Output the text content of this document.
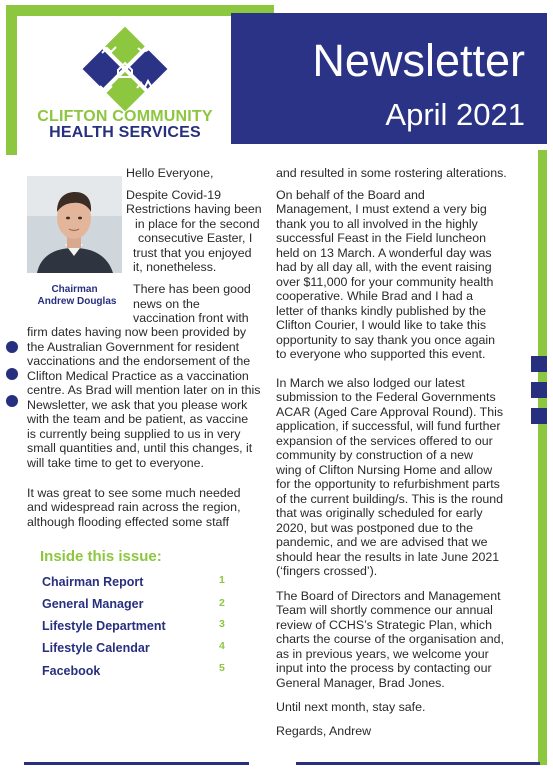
Newsletter
April 2021
CLIFTON COMMUNITY
HEALTH SERVICES
Chairman
Andrew Douglas
Hello Everyone,
Despite Covid-19
Restrictions having been
in place for the second
consecutive Easter, I
trust that you enjoyed
it, nonetheless.
There has been good
news on the
vaccination front with
firm dates having now been provided by
the Australian Government for resident
vaccinations and the endorsement of the
Clifton Medical Practice as a vaccination
centre. As Brad will mention later on in this
Newsletter, we ask that you please work
with the team and be patient, as vaccine
is currently being supplied to us in very
small quantities and, until this changes, it
will take time to get to everyone.
It was great to see some much needed
and widespread rain across the region,
although flooding effected some staff
Inside this issue:
Chairman Report	1
General Manager	2
Lifestyle Department	3
Lifestyle Calendar	4
Facebook	5
and resulted in some rostering alterations.
On behalf of the Board and
Management, I must extend a very big
thank you to all involved in the highly
successful Feast in the Field luncheon
held on 13 March. A wonderful day was
had by all day all, with the event raising
over $11,000 for your community health
cooperative. While Brad and I had a
letter of thanks kindly published by the
Clifton Courier, I would like to take this
opportunity to say thank you once again
to everyone who supported this event.
In March we also lodged our latest
submission to the Federal Governments
ACAR (Aged Care Approval Round). This
application, if successful, will fund further
expansion of the services offered to our
community by construction of a new
wing of Clifton Nursing Home and allow
for the opportunity to refurbishment parts
of the current building/s. This is the round
that was originally scheduled for early
2020, but was postponed due to the
pandemic, and we are advised that we
should hear the results in late June 2021
(‘fingers crossed’).
The Board of Directors and Management
Team will shortly commence our annual
review of CCHS’s Strategic Plan, which
charts the course of the organisation and,
as in previous years, we welcome your
input into the process by contacting our
General Manager, Brad Jones.
Until next month, stay safe.
Regards, Andrew
